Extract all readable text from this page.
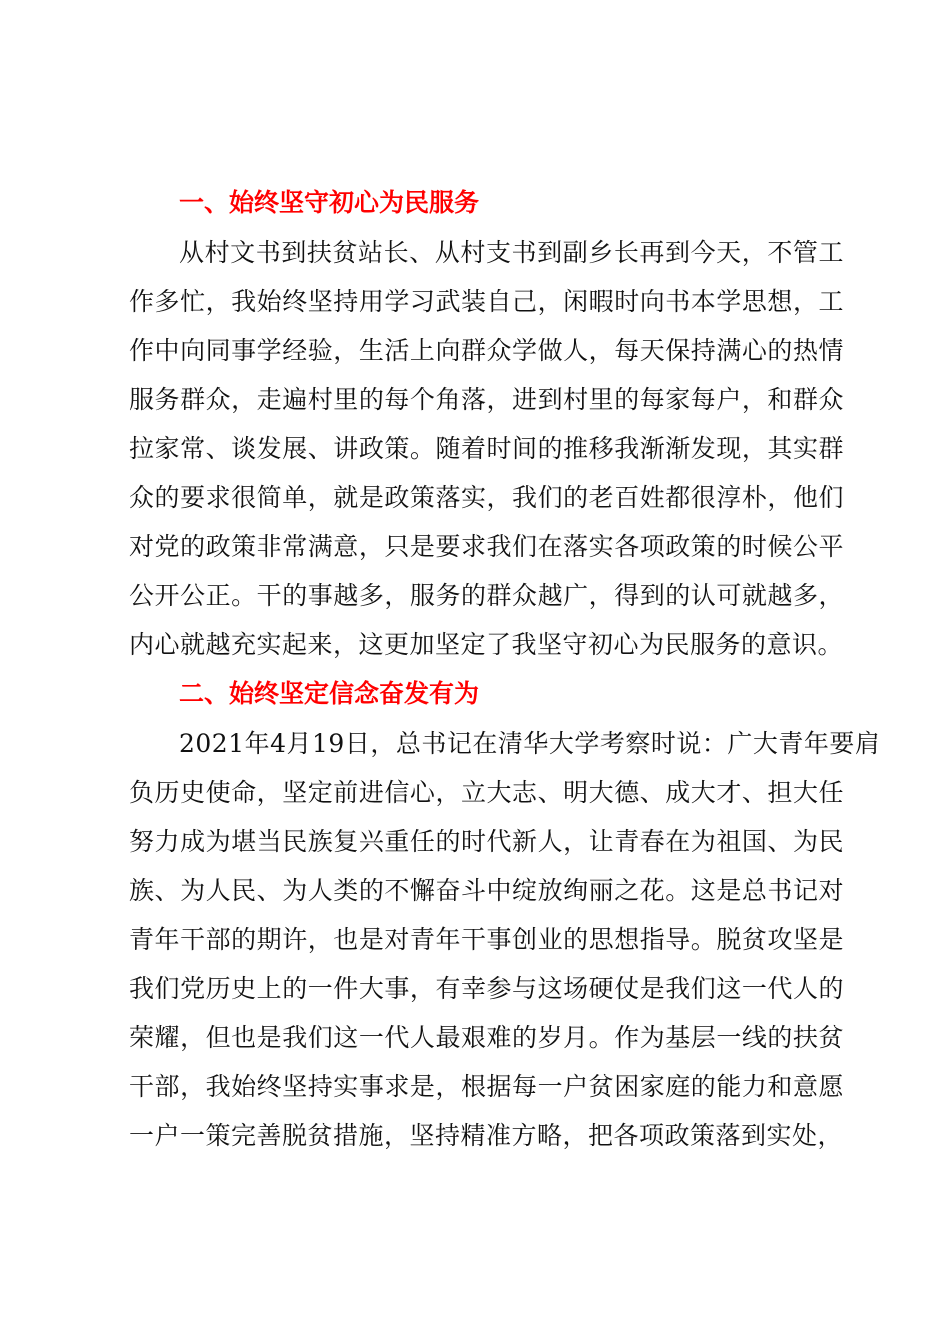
一、始终坚守初心为民服务
从村文书到扶贫站长、从村支书到副乡长再到今天，不管工
作多忙，我始终坚持用学习武装自己，闲暇时向书本学思想，工
作中向同事学经验，生活上向群众学做人，每天保持满心的热情
服务群众，走遍村里的每个角落，进到村里的每家每户，和群众
拉家常、谈发展、讲政策。随着时间的推移我渐渐发现，其实群
众的要求很简单，就是政策落实，我们的老百姓都很淳朴，他们
对党的政策非常满意，只是要求我们在落实各项政策的时候公平
公开公正。干的事越多，服务的群众越广，得到的认可就越多，
内心就越充实起来，这更加坚定了我坚守初心为民服务的意识。
二、始终坚定信念奋发有为
2021年4月19日，总书记在清华大学考察时说：广大青年要肩
负历史使命，坚定前进信心，立大志、明大德、成大才、担大任
努力成为堪当民族复兴重任的时代新人，让青春在为祖国、为民
族、为人民、为人类的不懈奋斗中绽放绚丽之花。这是总书记对
青年干部的期许，也是对青年干事创业的思想指导。脱贫攻坚是
我们党历史上的一件大事，有幸参与这场硬仗是我们这一代人的
荣耀，但也是我们这一代人最艰难的岁月。作为基层一线的扶贫
干部，我始终坚持实事求是，根据每一户贫困家庭的能力和意愿
一户一策完善脱贫措施，坚持精准方略，把各项政策落到实处，
